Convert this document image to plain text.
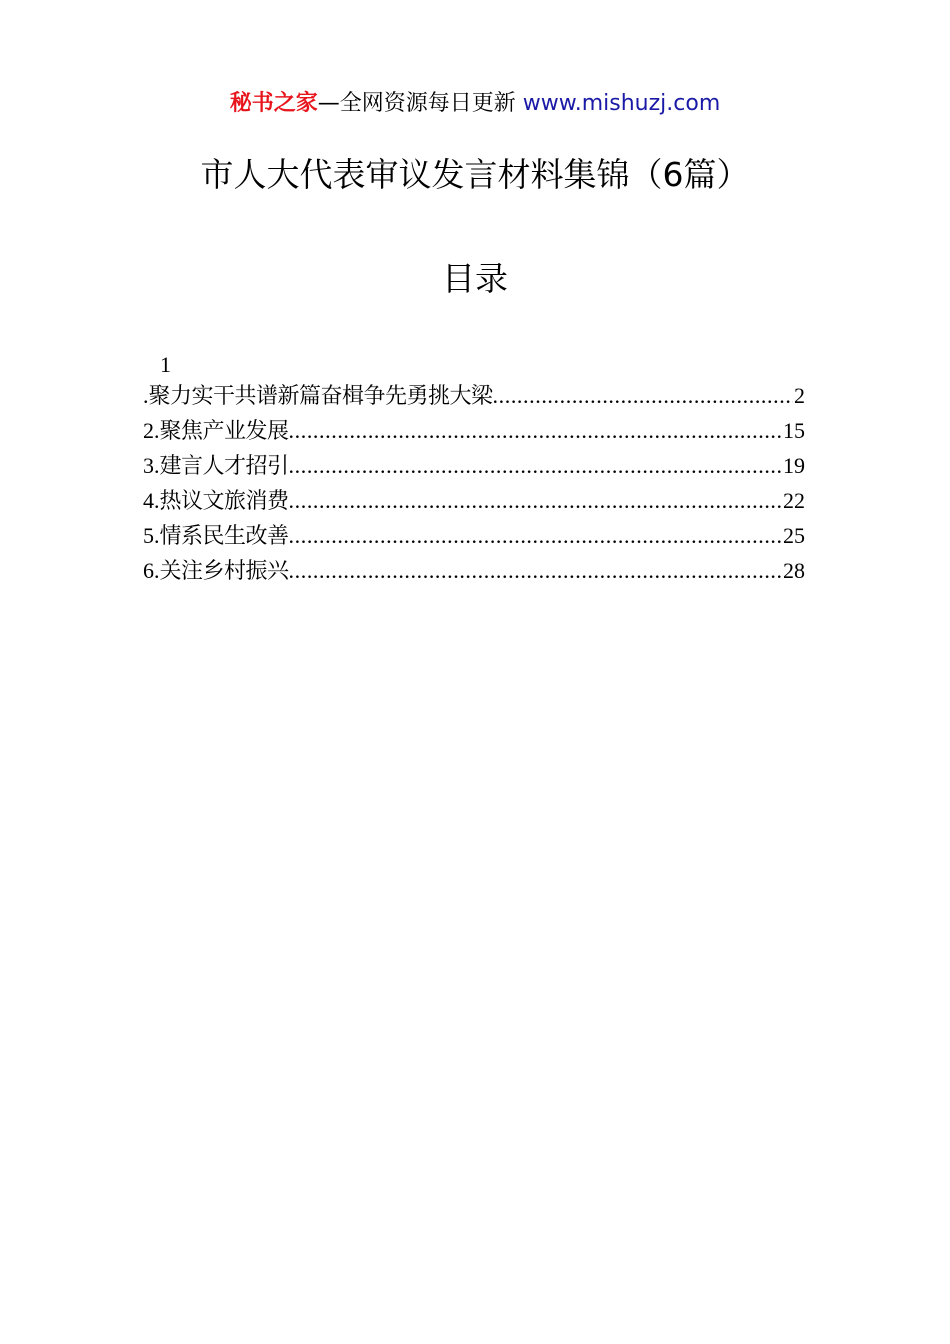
秘书之家—全网资源每日更新 www.mishuzj.com
市人大代表审议发言材料集锦（6篇）
目录
1
. 聚力实干共谱新篇奋楫争先勇挑大梁 .....	2
2. 聚焦产业发展 .....	15
3. 建言人才招引 .....	19
4. 热议文旅消费 .....	22
5. 情系民生改善 .....	25
6. 关注乡村振兴 .....	28
